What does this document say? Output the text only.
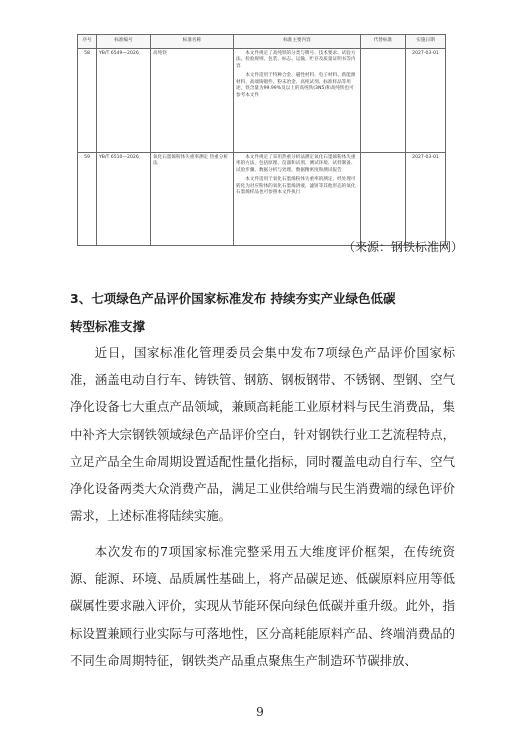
序号	标准编号	标准名称	标准主要内容	代替标准	实施日期
58	YB/T 6549—2026	高纯铁	本文件规定了高纯铁的分类与牌号、技术要求、试验方法、检验规则、包装、标志、运输、贮存及质量证明书等内容

本文件适用于特种合金、磁性材料、电子材料、新能源材料、高端铸锻件、粉末冶金、高纯试剂、标准样品等用途，铁含量为99.99%及以上的高纯铁(3N5)和高纯铁也可参考本文件		2027-03-01
59	YB/T 6510—2026	氧化石墨烯粉体失重率测定 热重分析法	本文件规定了采用热重分析法测定氧化石墨烯粉体失重率的方法，包括原理、仪器和试剂、测试环境、试样制备、试验步骤、数据分析与处理、数据精密度和测试报告

本文件适用于氧化石墨烯粉体失重率的测定，经处理可转化为对应粉体的氧化石墨烯溶液、滤饼等其他形态的氧化石墨烯样品也可参照本文件执行		2027-03-01
（来源：钢铁标准网）
3、七项绿色产品评价国家标准发布 持续夯实产业绿色低碳
转型标准支撑

近日，国家标准化管理委员会集中发布7项绿色产品评价国家标准，涵盖电动自行车、铸铁管、钢筋、钢板钢带、不锈钢、型钢、空气净化设备七大重点产品领域，兼顾高耗能工业原材料与民生消费品，集中补齐大宗钢铁领域绿色产品评价空白，针对钢铁行业工艺流程特点，立足产品全生命周期设置适配性量化指标，同时覆盖电动自行车、空气净化设备两类大众消费产品，满足工业供给端与民生消费端的绿色评价需求，上述标准将陆续实施。

本次发布的7项国家标准完整采用五大维度评价框架，在传统资源、能源、环境、品质属性基础上，将产品碳足迹、低碳原料应用等低碳属性要求融入评价，实现从节能环保向绿色低碳并重升级。此外，指标设置兼顾行业实际与可落地性，区分高耗能原料产品、终端消费品的不同生命周期特征，钢铁类产品重点聚焦生产制造环节碳排放、

9
